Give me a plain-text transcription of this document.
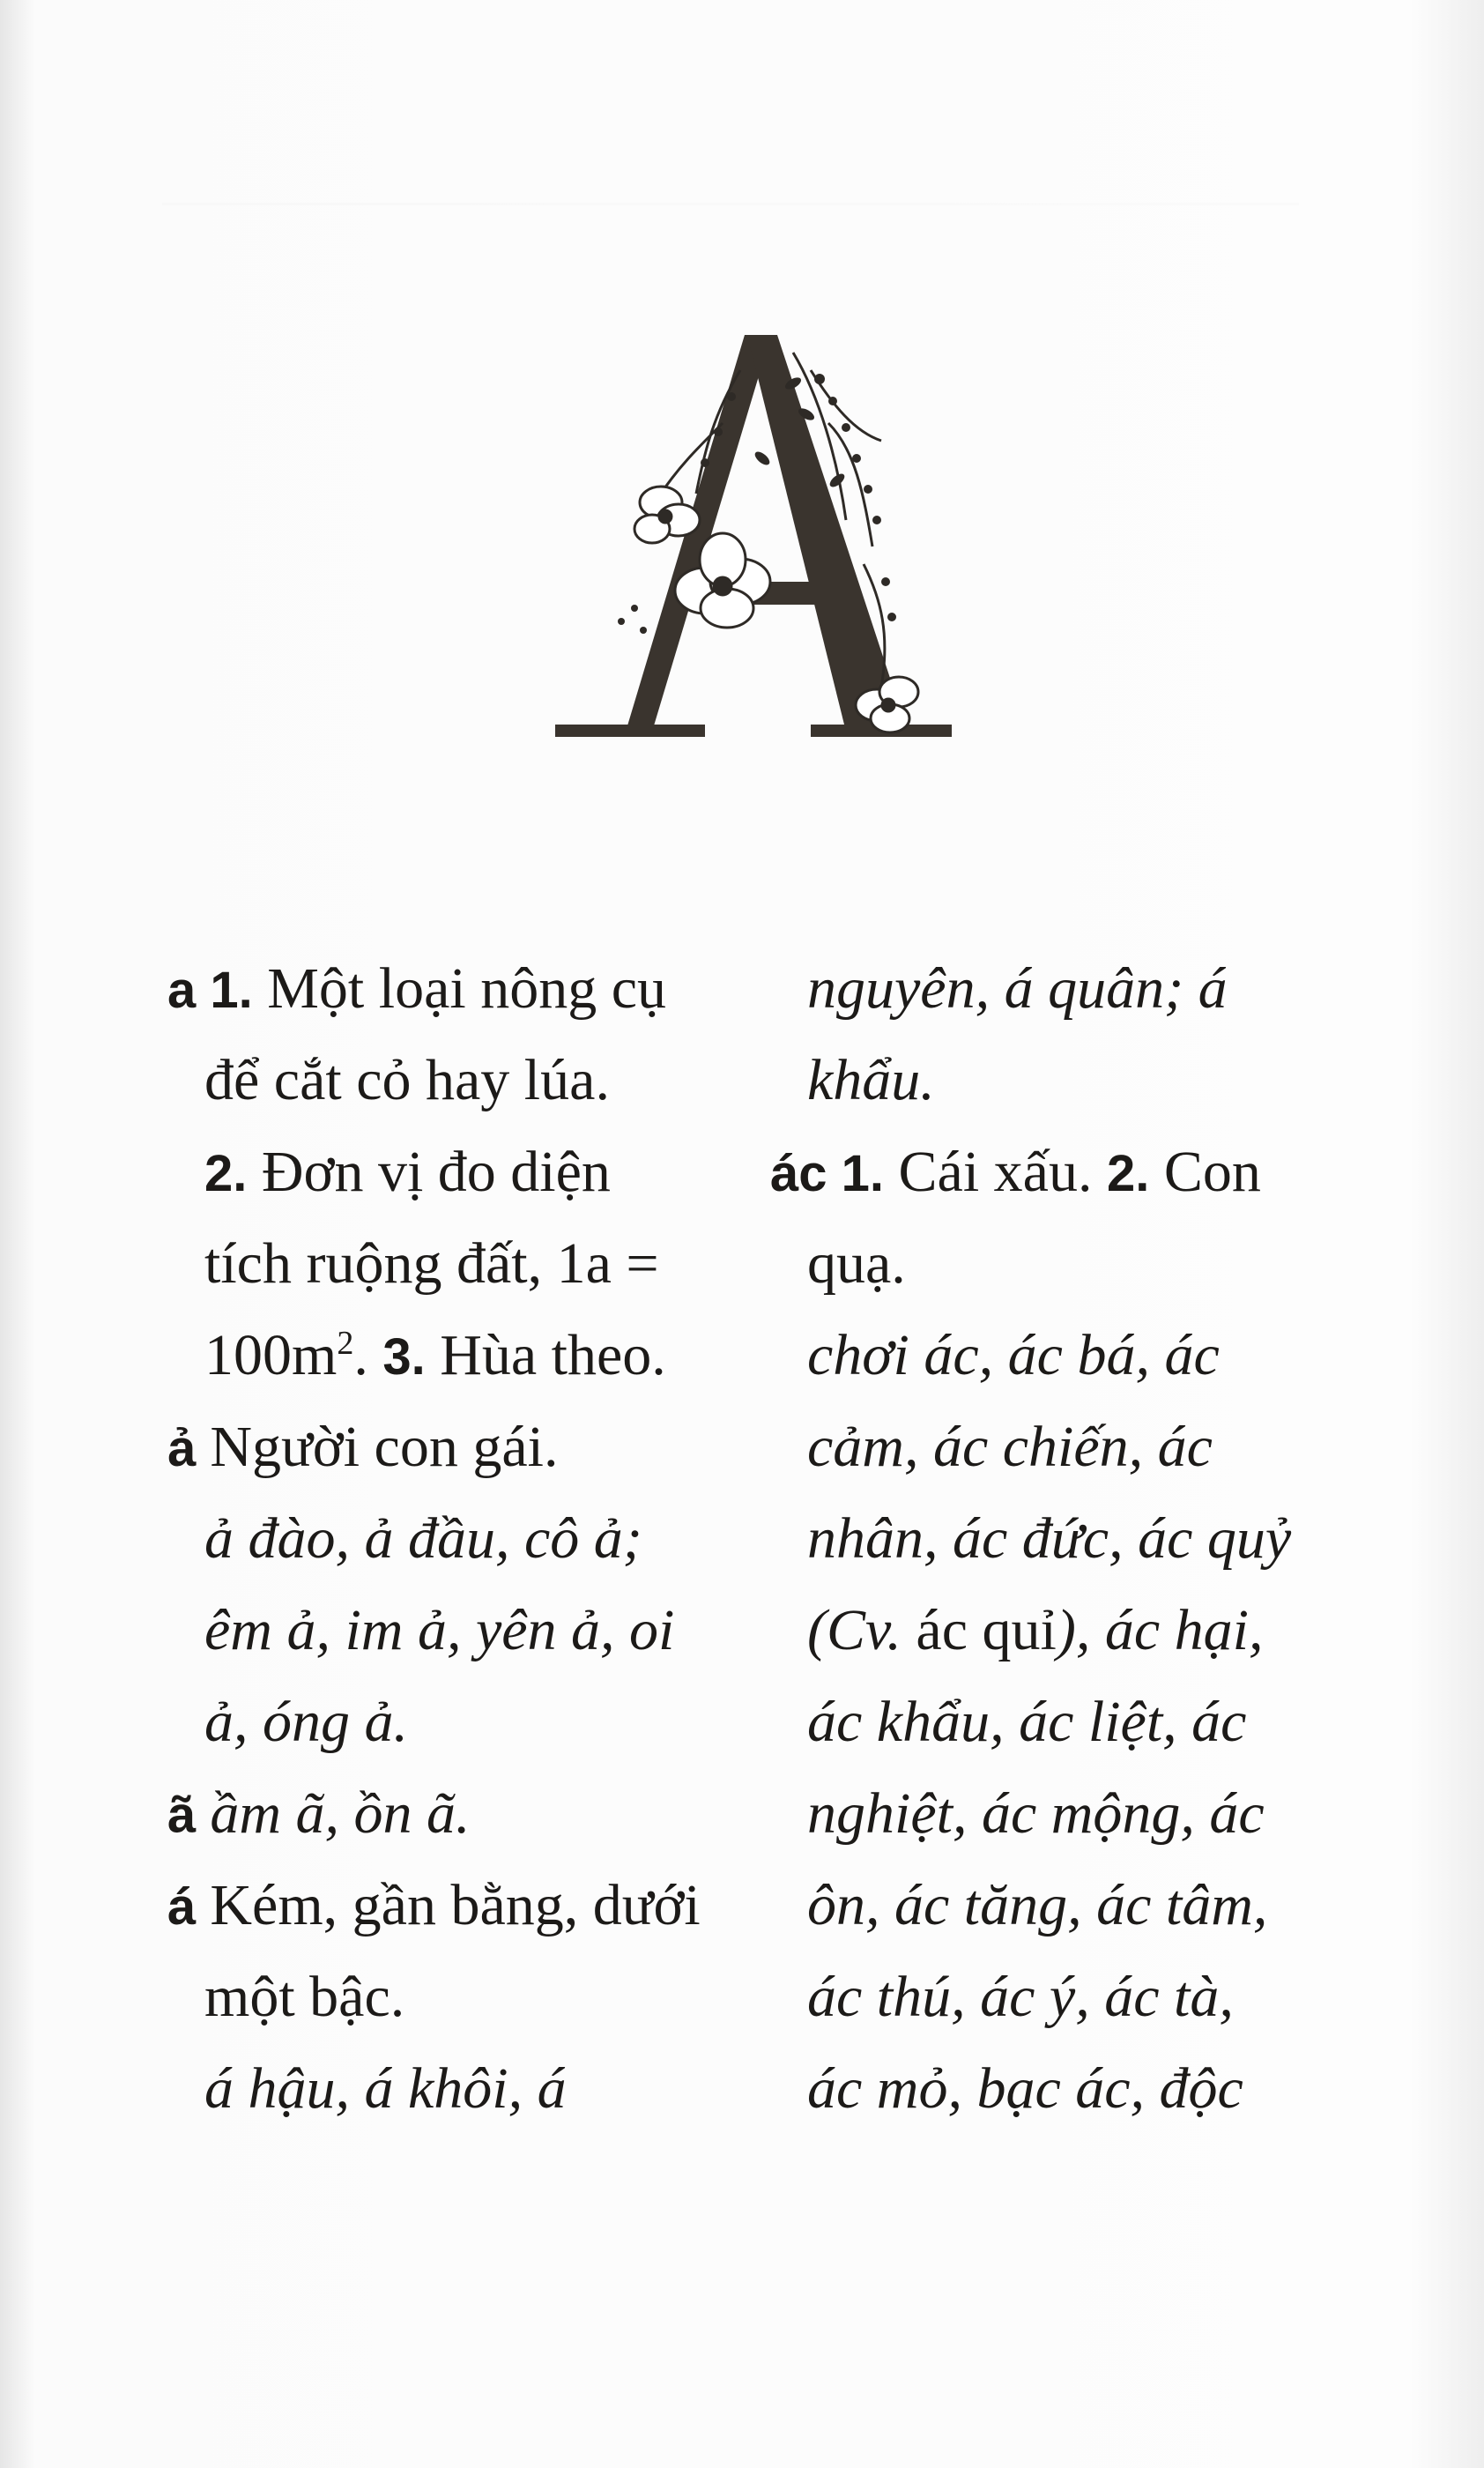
a 1. Một loại nông cụ
để cắt cỏ hay lúa.
2. Đơn vị đo diện
tích ruộng đất, 1a =
$100m^2$. 3. Hùa theo.
ả Người con gái.
ả đào, ả đầu, cô ả;
êm ả, im ả, yên ả, oi
ả, óng ả.
ã ầm ã, ồn ã.
á Kém, gần bằng, dưới
một bậc.
á hậu, á khôi, á
nguyên, á quân; á
khẩu.
ác 1. Cái xấu. 2. Con
quạ.
chơi ác, ác bá, ác
cảm, ác chiến, ác
nhân, ác đức, ác quỷ
(Cv. ác quỉ), ác hại,
ác khẩu, ác liệt, ác
nghiệt, ác mộng, ác
ôn, ác tăng, ác tâm,
ác thú, ác ý, ác tà,
ác mỏ, bạc ác, độc
